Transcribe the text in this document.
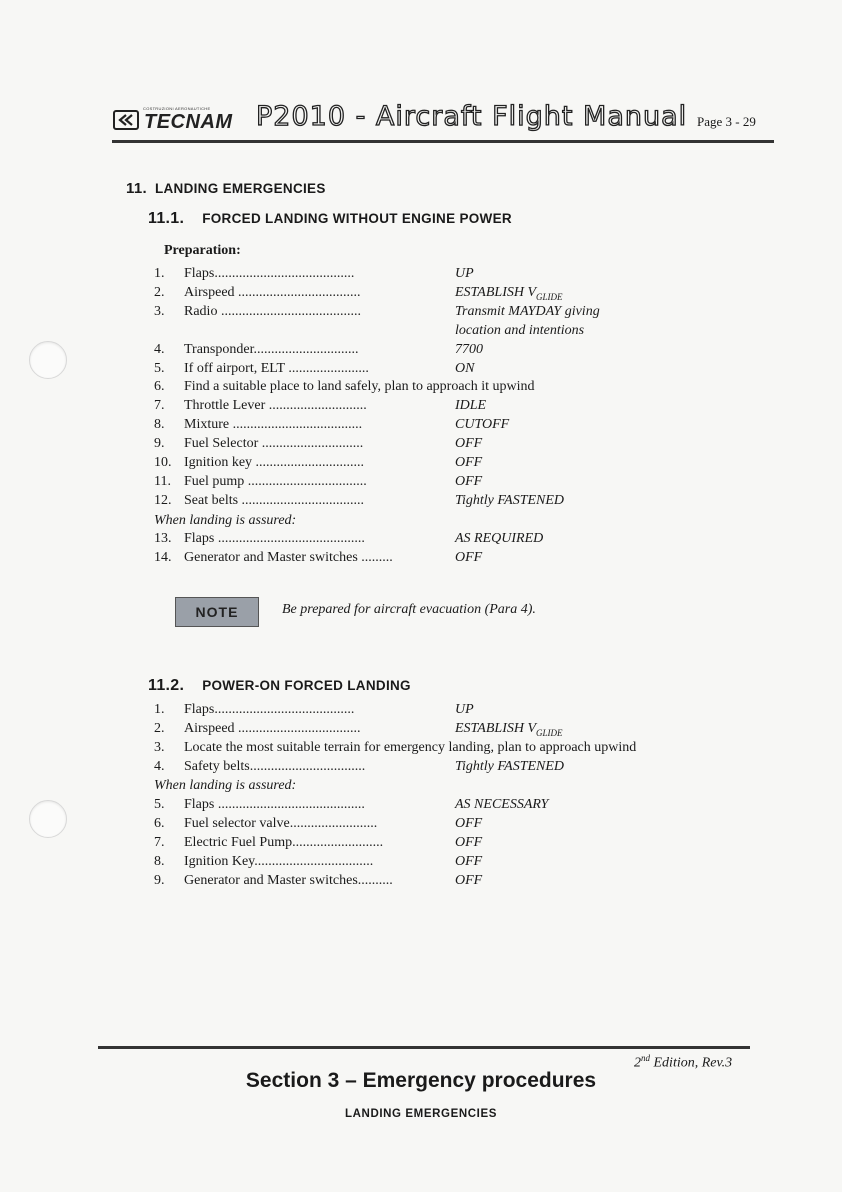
COSTRUZIONI AERONAUTICHE
TECNAM P2010 - Aircraft Flight Manual Page 3 - 29
11. LANDING EMERGENCIES
11.1. FORCED LANDING WITHOUT ENGINE POWER
Preparation:
1.	Flaps........................................	UP
2.	Airspeed ...................................	ESTABLISH $V_{GLIDE}$
3.	Radio ........................................	Transmit MAYDAY giving
location and intentions
4.	Transponder..............................	7700
5.	If off airport, ELT .......................	ON
6.	Find a suitable place to land safely, plan to approach it upwind
7.	Throttle Lever ............................	IDLE
8.	Mixture .....................................	CUTOFF
9.	Fuel Selector .............................	OFF
10. Ignition key ...............................	OFF
11. Fuel pump ..................................	OFF
12. Seat belts ...................................	Tightly FASTENED
When landing is assured:
13. Flaps ..........................................	AS REQUIRED
14. Generator and Master switches .........	OFF
NOTE	Be prepared for aircraft evacuation (Para 4).
11.2. POWER-ON FORCED LANDING
1.	Flaps........................................	UP
2.	Airspeed ...................................	ESTABLISH $V_{GLIDE}$
3.	Locate the most suitable terrain for emergency landing, plan to approach upwind
4.	Safety belts.................................	Tightly FASTENED
When landing is assured:
5.	Flaps ..........................................	AS NECESSARY
6.	Fuel selector valve.........................	OFF
7.	Electric Fuel Pump..........................	OFF
8.	Ignition Key..................................	OFF
9.	Generator and Master switches..........	OFF
2nd Edition, Rev.3
Section 3 – Emergency procedures
LANDING EMERGENCIES
